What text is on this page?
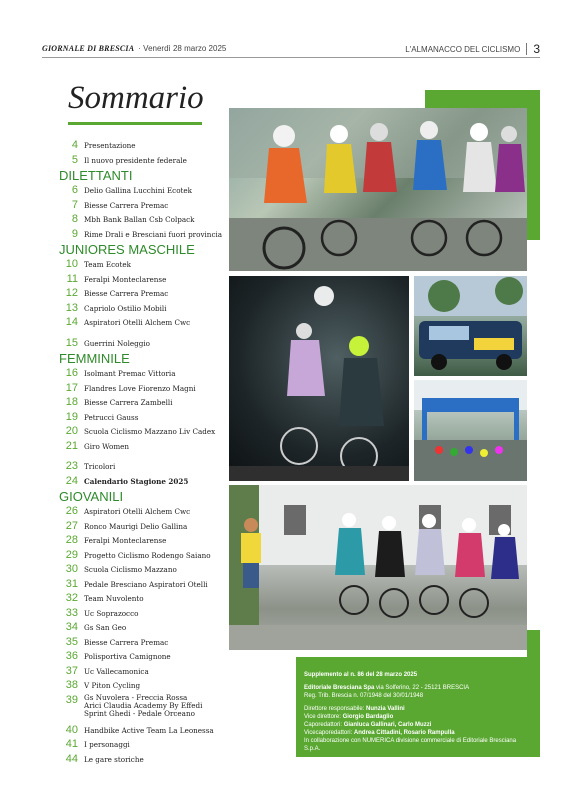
GIORNALE DI BRESCIA · Venerdì 28 marzo 2025	L'ALMANACCO DEL CICLISMO 3
Sommario
4 Presentazione
5 Il nuovo presidente federale
DILETTANTI
6 Delio Gallina Lucchini Ecotek
7 Biesse Carrera Premac
8 Mbh Bank Ballan Csb Colpack
9 Rime Drali e Bresciani fuori provincia
JUNIORES MASCHILE
10 Team Ecotek
11 Feralpi Monteclarense
12 Biesse Carrera Premac
13 Capriolo Ostilio Mobili
14 Aspiratori Otelli Alchem Cwc
15 Guerrini Noleggio
FEMMINILE
16 Isolmant Premac Vittoria
17 Flandres Love Fiorenzo Magni
18 Biesse Carrera Zambelli
19 Petrucci Gauss
20 Scuola Ciclismo Mazzano Liv Cadex
21 Giro Women
23 Tricolori
24 Calendario Stagione 2025
GIOVANILI
26 Aspiratori Otelli Alchem Cwc
27 Ronco Maurigi Delio Gallina
28 Feralpi Monteclarense
29 Progetto Ciclismo Rodengo Saiano
30 Scuola Ciclismo Mazzano
31 Pedale Bresciano Aspiratori Otelli
32 Team Nuvolento
33 Uc Soprazocco
34 Gs San Geo
35 Biesse Carrera Premac
36 Polisportiva Camignone
37 Uc Vallecamonica
38 V Piton Cycling
39 Gs Nuvolera - Freccia Rossa
Arici Claudia Academy By Effedi
Sprint Ghedi - Pedale Orceano
40 Handbike Active Team La Leonessa
41 I personaggi
44 Le gare storiche
Supplemento al n. 86 del 28 marzo 2025
Editoriale Bresciana Spa via Solferino, 22 - 25121 BRESCIA
Reg. Trib. Brescia n. 07/1948 del 30/01/1948
Direttore responsabile: Nunzia Vallini
Vice direttore: Giorgio Bardaglio
Caporedattori: Gianluca Gallinari, Carlo Muzzi
Vicecaporedattori: Andrea Cittadini, Rosario Rampulla
In collaborazione con NUMERICA divisione commerciale di Editoriale Bresciana S.p.A.
